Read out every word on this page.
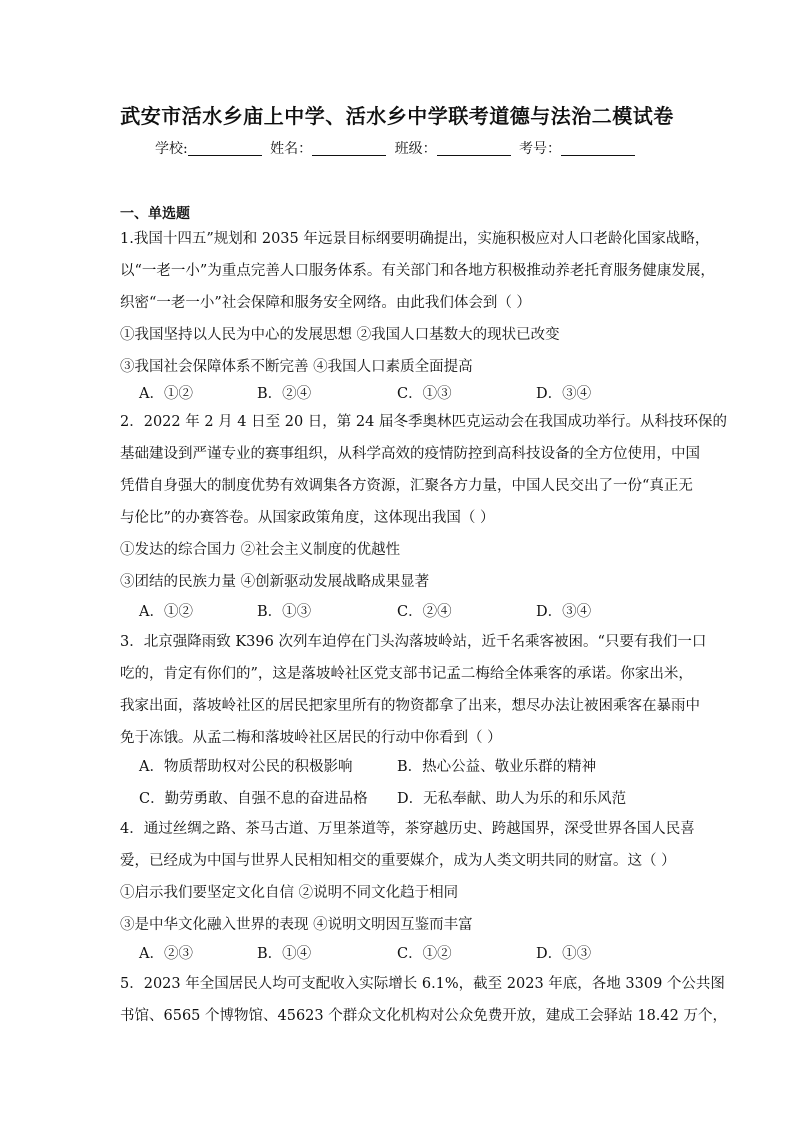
武安市活水乡庙上中学、活水乡中学联考道德与法治二模试卷
学校:	姓名：	班级：	考号：
一、单选题
1.我国十四五”规划和 2035 年远景目标纲要明确提出，实施积极应对人口老龄化国家战略，
以“一老一小”为重点完善人口服务体系。有关部门和各地方积极推动养老托育服务健康发展，
织密“一老一小”社会保障和服务安全网络。由此我们体会到（ ）
①我国坚持以人民为中心的发展思想 ②我国人口基数大的现状已改变
③我国社会保障体系不断完善 ④我国人口素质全面提高
A．①②	B．②④	C．①③	D．③④
2．2022 年 2 月 4 日至 20 日，第 24 届冬季奥林匹克运动会在我国成功举行。从科技环保的
基础建设到严谨专业的赛事组织，从科学高效的疫情防控到高科技设备的全方位使用，中国
凭借自身强大的制度优势有效调集各方资源，汇聚各方力量，中国人民交出了一份“真正无
与伦比”的办赛答卷。从国家政策角度，这体现出我国（ ）
①发达的综合国力 ②社会主义制度的优越性
③团结的民族力量 ④创新驱动发展战略成果显著
A．①②	B．①③	C．②④	D．③④
3．北京强降雨致 K396 次列车迫停在门头沟落坡岭站，近千名乘客被困。“只要有我们一口
吃的，肯定有你们的”，这是落坡岭社区党支部书记孟二梅给全体乘客的承诺。你家出米，
我家出面，落坡岭社区的居民把家里所有的物资都拿了出来，想尽办法让被困乘客在暴雨中
免于冻饿。从孟二梅和落坡岭社区居民的行动中你看到（ ）
A．物质帮助权对公民的积极影响	B．热心公益、敬业乐群的精神
C．勤劳勇敢、自强不息的奋进品格 D．无私奉献、助人为乐的和乐风范
4．通过丝绸之路、茶马古道、万里茶道等，茶穿越历史、跨越国界，深受世界各国人民喜
爱，已经成为中国与世界人民相知相交的重要媒介，成为人类文明共同的财富。这（ ）
①启示我们要坚定文化自信 ②说明不同文化趋于相同
③是中华文化融入世界的表现 ④说明文明因互鉴而丰富
A．②③	B．①④	C．①②	D．①③
5．2023 年全国居民人均可支配收入实际增长 6.1%，截至 2023 年底，各地 3309 个公共图
书馆、6565 个博物馆、45623 个群众文化机构对公众免费开放，建成工会驿站 18.42 万个，
